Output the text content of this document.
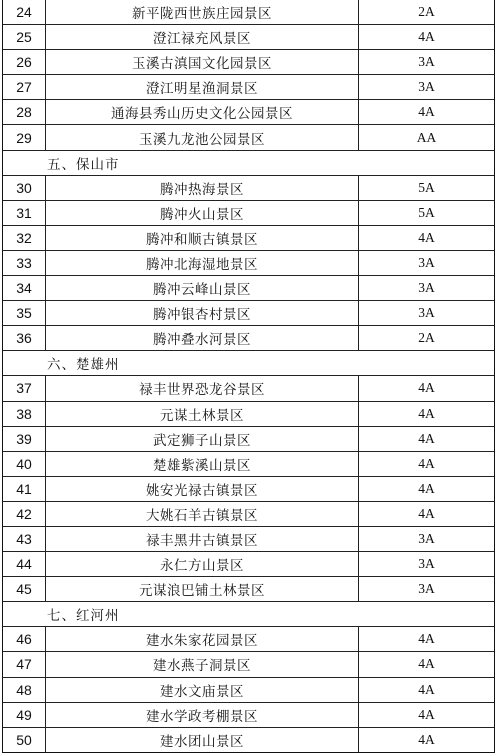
24	新平陇西世族庄园景区	2A
25	澄江禄充风景区	4A
26	玉溪古滇国文化园景区	3A
27	澄江明星渔洞景区	3A
28	通海县秀山历史文化公园景区	4A
29	玉溪九龙池公园景区	AA
五、保山市
30	腾冲热海景区	5A
31	腾冲火山景区	5A
32	腾冲和顺古镇景区	4A
33	腾冲北海湿地景区	3A
34	腾冲云峰山景区	3A
35	腾冲银杏村景区	3A
36	腾冲叠水河景区	2A
六、楚雄州
37	禄丰世界恐龙谷景区	4A
38	元谋土林景区	4A
39	武定狮子山景区	4A
40	楚雄紫溪山景区	4A
41	姚安光禄古镇景区	4A
42	大姚石羊古镇景区	4A
43	禄丰黑井古镇景区	3A
44	永仁方山景区	3A
45	元谋浪巴铺土林景区	3A
七、红河州
46	建水朱家花园景区	4A
47	建水燕子洞景区	4A
48	建水文庙景区	4A
49	建水学政考棚景区	4A
50	建水团山景区	4A
